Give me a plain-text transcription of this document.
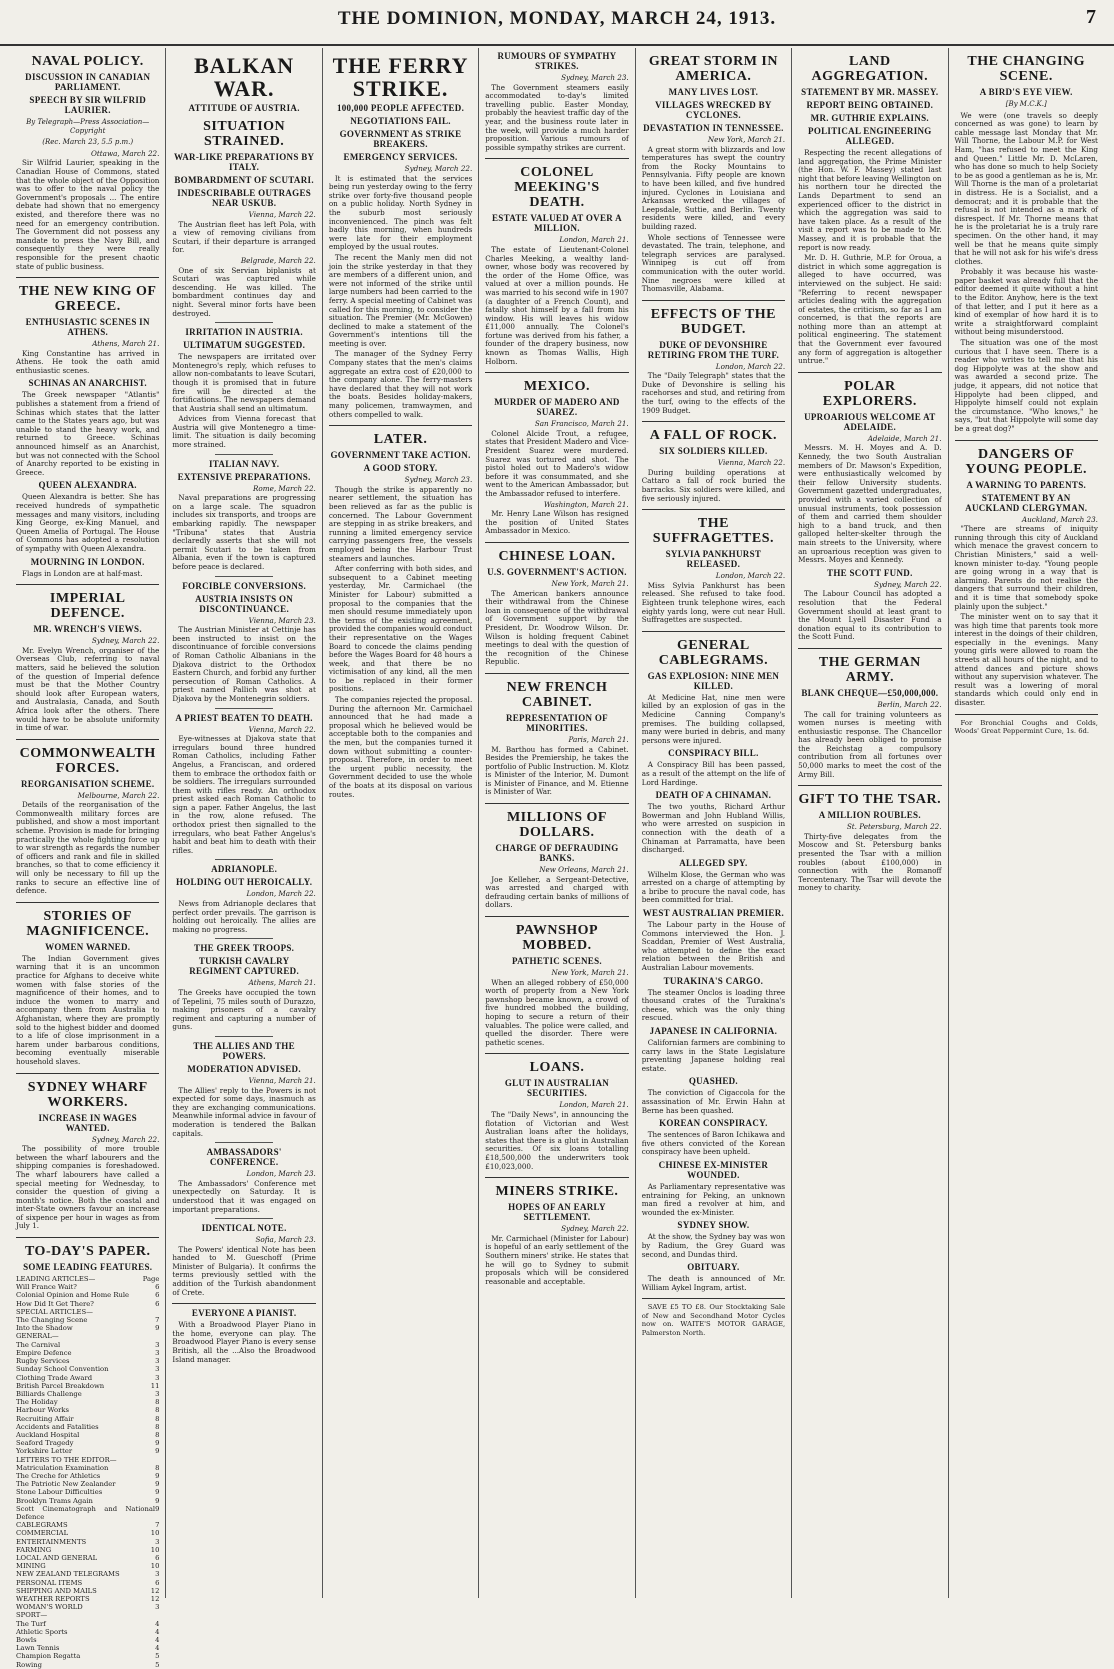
THE DOMINION, MONDAY, MARCH 24, 1913.	7
NAVAL POLICY.
DISCUSSION IN CANADIAN PARLIAMENT.
SPEECH BY SIR WILFRID LAURIER.
By Telegraph—Press Association—Copyright
(Rec. March 23, 5.5 p.m.)
Ottawa, March 22.

Sir Wilfrid Laurier, speaking in the Canadian House of Commons, stated that the whole object of the Opposition was to offer to the naval policy the Government's proposals ... The entire debate had shown that no emergency existed, and therefore there was no need for an emergency contribution. The Government did not possess any mandate to press the Navy Bill, and consequently they were really responsible for the present chaotic state of public business.

THE NEW KING OF GREECE.
ENTHUSIASTIC SCENES IN ATHENS.
Athens, March 21.

King Constantine has arrived in Athens. He took the oath amid enthusiastic scenes.

SCHINAS AN ANARCHIST.

The Greek newspaper "Atlantis" publishes a statement from a friend of Schinas which states that the latter came to the States years ago, but was unable to stand the heavy work, and returned to Greece. Schinas announced himself as an Anarchist, but was not connected with the School of Anarchy reported to be existing in Greece.

QUEEN ALEXANDRA.

Queen Alexandra is better. She has received hundreds of sympathetic messages and many visitors, including King George, ex-King Manuel, and Queen Amelia of Portugal. The House of Commons has adopted a resolution of sympathy with Queen Alexandra.

MOURNING IN LONDON.

Flags in London are at half-mast.

IMPERIAL DEFENCE.
MR. WRENCH'S VIEWS.
Sydney, March 22.

Mr. Evelyn Wrench, organiser of the Overseas Club, referring to naval matters, said he believed the solution of the question of Imperial defence must be that the Mother Country should look after European waters, and Australasia, Canada, and South Africa look after the others. There would have to be absolute uniformity in time of war.

COMMONWEALTH FORCES.
REORGANISATION SCHEME.
Melbourne, March 22.

Details of the reorganisation of the Commonwealth military forces are published, and show a most important scheme. Provision is made for bringing practically the whole fighting force up to war strength as regards the number of officers and rank and file in skilled branches, so that to come efficiency it will only be necessary to fill up the ranks to secure an effective line of defence.

STORIES OF MAGNIFICENCE.
WOMEN WARNED.

The Indian Government gives warning that it is an uncommon practice for Afghans to deceive white women with false stories of the magnificence of their homes, and to induce the women to marry and accompany them from Australia to Afghanistan, where they are promptly sold to the highest bidder and doomed to a life of close imprisonment in a harem under barbarous conditions, becoming eventually miserable household slaves.

SYDNEY WHARF WORKERS.
INCREASE IN WAGES WANTED.
Sydney, March 22.

The possibility of more trouble between the wharf labourers and the shipping companies is foreshadowed. The wharf labourers have called a special meeting for Wednesday, to consider the question of giving a month's notice. Both the coastal and inter-State owners favour an increase of sixpence per hour in wages as from July 1.

TO-DAY'S PAPER.
SOME LEADING FEATURES.
LEADING ARTICLES—	Page
Will France Wait?	6
Colonial Opinion and Home Rule	6
How Did It Get There?	6
SPECIAL ARTICLES—
The Changing Scene	7
Into the Shadow	9
GENERAL—
The Carnival	3
Empire Defence	3
Rugby Services	3
Sunday School Convention	3
Clothing Trade Award	3
British Parcel Breakdown	11
Billiards Challenge	3
The Holiday	8
Harbour Works	8
Recruiting Affair	8
Accidents and Fatalities	8
Auckland Hospital	8
Seaford Tragedy	9
Yorkshire Letter	9
LETTERS TO THE EDITOR—
Matriculation Examination	8
The Creche for Athletics	9
The Patriotic New Zealander	9
Stone Labour Difficulties	9
Brooklyn Trams Again	9
Scott Cinematograph and National Defence
9
CABLEGRAMS	7
COMMERCIAL	10
ENTERTAINMENTS	3
FARMING	10
LOCAL AND GENERAL	6
MINING	10
NEW ZEALAND TELEGRAMS	3
PERSONAL ITEMS	6
SHIPPING AND MAILS	12
WEATHER REPORTS	12
WOMAN'S WORLD	3
SPORT—
The Turf	4
Athletic Sports	4
Bowls	4
Lawn Tennis	4
Champion Regatta	5
Rowing	5
BALKAN WAR.
ATTITUDE OF AUSTRIA.
SITUATION STRAINED.
WAR-LIKE PREPARATIONS BY ITALY.
BOMBARDMENT OF SCUTARI.
INDESCRIBABLE OUTRAGES NEAR USKUB.
Vienna, March 22.

The Austrian fleet has left Pola, with a view of removing civilians from Scutari, if their departure is arranged for.

Belgrade, March 22.

One of six Servian biplanists at Scutari was captured while descending. He was killed. The bombardment continues day and night. Several minor forts have been destroyed.

IRRITATION IN AUSTRIA.
ULTIMATUM SUGGESTED.

The newspapers are irritated over Montenegro's reply, which refuses to allow non-combatants to leave Scutari, though it is promised that in future fire will be directed at the fortifications. The newspapers demand that Austria shall send an ultimatum.

Advices from Vienna forecast that Austria will give Montenegro a time-limit. The situation is daily becoming more strained.

ITALIAN NAVY.
EXTENSIVE PREPARATIONS.
Rome, March 22.

Naval preparations are progressing on a large scale. The squadron includes six transports, and troops are embarking rapidly. The newspaper "Tribuna" states that Austria declaredly asserts that she will not permit Scutari to be taken from Albania, even if the town is captured before peace is declared.

FORCIBLE CONVERSIONS.
AUSTRIA INSISTS ON DISCONTINUANCE.
Vienna, March 23.

The Austrian Minister at Cettinje has been instructed to insist on the discontinuance of forcible conversions of Roman Catholic Albanians in the Djakova district to the Orthodox Eastern Church, and forbid any further persecution of Roman Catholics. A priest named Pallich was shot at Djakova by the Montenegrin soldiers.

A PRIEST BEATEN TO DEATH.
Vienna, March 22.

Eye-witnesses at Djakova state that irregulars bound three hundred Roman Catholics, including Father Angelus, a Franciscan, and ordered them to embrace the orthodox faith or be soldiers. The irregulars surrounded them with rifles ready. An orthodox priest asked each Roman Catholic to sign a paper. Father Angelus, the last in the row, alone refused. The orthodox priest then signalled to the irregulars, who beat Father Angelus's habit and beat him to death with their rifles.

ADRIANOPLE.
HOLDING OUT HEROICALLY.
London, March 22.

News from Adrianople declares that perfect order prevails. The garrison is holding out heroically. The allies are making no progress.

THE GREEK TROOPS.
TURKISH CAVALRY REGIMENT CAPTURED.
Athens, March 21.

The Greeks have occupied the town of Tepelini, 75 miles south of Durazzo, making prisoners of a cavalry regiment and capturing a number of guns.

THE ALLIES AND THE POWERS.
MODERATION ADVISED.
Vienna, March 21.

The Allies' reply to the Powers is not expected for some days, inasmuch as they are exchanging communications. Meanwhile informal advice in favour of moderation is tendered the Balkan capitals.

AMBASSADORS' CONFERENCE.
London, March 23.

The Ambassadors' Conference met unexpectedly on Saturday. It is understood that it was engaged on important preparations.

IDENTICAL NOTE.
Sofia, March 23.

The Powers' identical Note has been handed to M. Gueschoff (Prime Minister of Bulgaria). It confirms the terms previously settled with the addition of the Turkish abandonment of Crete.

EVERYONE A PIANIST.

With a Broadwood Player Piano in the home, everyone can play. The Broadwood Player Piano is every sense British, all the ...Also the Broadwood Island manager.

THE FERRY STRIKE.
100,000 PEOPLE AFFECTED.
NEGOTIATIONS FAIL.
GOVERNMENT AS STRIKE BREAKERS.
EMERGENCY SERVICES.
Sydney, March 22.

It is estimated that the services being run yesterday owing to the ferry strike over forty-five thousand people on a public holiday. North Sydney in the suburb most seriously inconvenienced. The pinch was felt badly this morning, when hundreds were late for their employment employed by the usual routes.

The recent the Manly men did not join the strike yesterday in that they are members of a different union, and were not informed of the strike until large numbers had been carried to the ferry. A special meeting of Cabinet was called for this morning, to consider the situation. The Premier (Mr. McGowen) declined to make a statement of the Government's intentions till the meeting is over.

The manager of the Sydney Ferry Company states that the men's claims aggregate an extra cost of £20,000 to the company alone. The ferry-masters have declared that they will not work the boats. Besides holiday-makers, many policemen, tramwaymen, and others compelled to walk.

LATER.
GOVERNMENT TAKE ACTION.
A GOOD STORY.
Sydney, March 23.

Though the strike is apparently no nearer settlement, the situation has been relieved as far as the public is concerned. The Labour Government are stepping in as strike breakers, and running a limited emergency service carrying passengers free, the vessels employed being the Harbour Trust steamers and launches.

After conferring with both sides, and subsequent to a Cabinet meeting yesterday, Mr. Carmichael (the Minister for Labour) submitted a proposal to the companies that the men should resume immediately upon the terms of the existing agreement, provided the companies would conduct their representative on the Wages Board to concede the claims pending before the Wages Board for 48 hours a week, and that there be no victimisation of any kind, all the men to be replaced in their former positions.

The companies rejected the proposal. During the afternoon Mr. Carmichael announced that he had made a proposal which he believed would be acceptable both to the companies and the men, but the companies turned it down without submitting a counter-proposal. Therefore, in order to meet the urgent public necessity, the Government decided to use the whole of the boats at its disposal on various routes.

RUMOURS OF SYMPATHY STRIKES.
Sydney, March 23.

The Government steamers easily accommodated to-day's limited travelling public. Easter Monday, probably the heaviest traffic day of the year, and the business route later in the week, will provide a much harder proposition. Various rumours of possible sympathy strikes are current.

COLONEL MEEKING'S DEATH.
ESTATE VALUED AT OVER A MILLION.
London, March 21.

The estate of Lieutenant-Colonel Charles Meeking, a wealthy land-owner, whose body was recovered by the order of the Home Office, was valued at over a million pounds. He was married to his second wife in 1907 (a daughter of a French Count), and fatally shot himself by a fall from his window. His will leaves his widow £11,000 annually. The Colonel's fortune was derived from his father, a founder of the drapery business, now known as Thomas Wallis, High Holborn.

MEXICO.
MURDER OF MADERO AND SUAREZ.
San Francisco, March 21.

Colonel Alcide Trout, a refugee, states that President Madero and Vice-President Suarez were murdered. Suarez was tortured and shot. The pistol holed out to Madero's widow before it was consummated, and she went to the American Ambassador, but the Ambassador refused to interfere.

Washington, March 21.

Mr. Henry Lane Wilson has resigned the position of United States Ambassador in Mexico.

CHINESE LOAN.
U.S. GOVERNMENT'S ACTION.
New York, March 21.

The American bankers announce their withdrawal from the Chinese loan in consequence of the withdrawal of Government support by the President, Dr. Woodrow Wilson. Dr. Wilson is holding frequent Cabinet meetings to deal with the question of the recognition of the Chinese Republic.

NEW FRENCH CABINET.
REPRESENTATION OF MINORITIES.
Paris, March 21.

M. Barthou has formed a Cabinet. Besides the Premiership, he takes the portfolio of Public Instruction. M. Klotz is Minister of the Interior, M. Dumont is Minister of Finance, and M. Etienne is Minister of War.

MILLIONS OF DOLLARS.
CHARGE OF DEFRAUDING BANKS.
New Orleans, March 21.

Joe Kelleher, a Sergeant-Detective, was arrested and charged with defrauding certain banks of millions of dollars.

PAWNSHOP MOBBED.
PATHETIC SCENES.
New York, March 21.

When an alleged robbery of £50,000 worth of property from a New York pawnshop became known, a crowd of five hundred mobbed the building, hoping to secure a return of their valuables. The police were called, and quelled the disorder. There were pathetic scenes.

LOANS.
GLUT IN AUSTRALIAN SECURITIES.
London, March 21.

The "Daily News", in announcing the flotation of Victorian and West Australian loans after the holidays, states that there is a glut in Australian securities. Of six loans totalling £18,500,000 the underwriters took £10,023,000.

MINERS STRIKE.
HOPES OF AN EARLY SETTLEMENT.
Sydney, March 22.

Mr. Carmichael (Minister for Labour) is hopeful of an early settlement of the Southern miners' strike. He states that he will go to Sydney to submit proposals which will be considered reasonable and acceptable.

GREAT STORM IN AMERICA.
MANY LIVES LOST.
VILLAGES WRECKED BY CYCLONES.
DEVASTATION IN TENNESSEE.
New York, March 21.

A great storm with blizzards and low temperatures has swept the country from the Rocky Mountains to Pennsylvania. Fifty people are known to have been killed, and five hundred injured. Cyclones in Louisiana and Arkansas wrecked the villages of Leepsdale, Suttie, and Berlin. Twenty residents were killed, and every building razed.

Whole sections of Tennessee were devastated. The train, telephone, and telegraph services are paralysed. Winnipeg is cut off from communication with the outer world. Nine negroes were killed at Thomasville, Alabama.

EFFECTS OF THE BUDGET.
DUKE OF DEVONSHIRE RETIRING FROM THE TURF.
London, March 22.

The "Daily Telegraph" states that the Duke of Devonshire is selling his racehorses and stud, and retiring from the turf, owing to the effects of the 1909 Budget.

A FALL OF ROCK.
SIX SOLDIERS KILLED.
Vienna, March 22.

During building operations at Cattaro a fall of rock buried the barracks. Six soldiers were killed, and five seriously injured.

THE SUFFRAGETTES.
SYLVIA PANKHURST RELEASED.
London, March 22.

Miss Sylvia Pankhurst has been released. She refused to take food. Eighteen trunk telephone wires, each eighty yards long, were cut near Hull. Suffragettes are suspected.

GENERAL CABLEGRAMS.
GAS EXPLOSION: NINE MEN KILLED.

At Medicine Hat, nine men were killed by an explosion of gas in the Medicine Canning Company's premises. The building collapsed, many were buried in debris, and many persons were injured.

CONSPIRACY BILL.

A Conspiracy Bill has been passed, as a result of the attempt on the life of Lord Hardinge.

DEATH OF A CHINAMAN.

The two youths, Richard Arthur Bowerman and John Hubland Willis, who were arrested on suspicion in connection with the death of a Chinaman at Parramatta, have been discharged.

ALLEGED SPY.

Wilhelm Klose, the German who was arrested on a charge of attempting by a bribe to procure the naval code, has been committed for trial.

WEST AUSTRALIAN PREMIER.

The Labour party in the House of Commons interviewed the Hon. J. Scaddan, Premier of West Australia, who attempted to define the exact relation between the British and Australian Labour movements.

TURAKINA'S CARGO.

The steamer Onclos is loading three thousand crates of the Turakina's cheese, which was the only thing rescued.

JAPANESE IN CALIFORNIA.

Californian farmers are combining to carry laws in the State Legislature preventing Japanese holding real estate.

QUASHED.

The conviction of Cigaccola for the assassination of Mr. Erwin Hahn at Berne has been quashed.

KOREAN CONSPIRACY.

The sentences of Baron Ichikawa and five others convicted of the Korean conspiracy have been upheld.

CHINESE EX-MINISTER WOUNDED.

As Parliamentary representative was entraining for Peking, an unknown man fired a revolver at him, and wounded the ex-Minister.

SYDNEY SHOW.

At the show, the Sydney bay was won by Radium, the Grey Guard was second, and Dundas third.

OBITUARY.

The death is announced of Mr. William Aykel Ingram, artist.

SAVE £5 TO £8. Our Stocktaking Sale of New and Secondhand Motor Cycles now on. WAITE'S MOTOR GARAGE, Palmerston North.

LAND AGGREGATION.
STATEMENT BY MR. MASSEY.
REPORT BEING OBTAINED.
MR. GUTHRIE EXPLAINS.
POLITICAL ENGINEERING ALLEGED.

Respecting the recent allegations of land aggregation, the Prime Minister (the Hon. W. F. Massey) stated last night that before leaving Wellington on his northern tour he directed the Lands Department to send an experienced officer to the district in which the aggregation was said to have taken place. As a result of the visit a report was to be made to Mr. Massey, and it is probable that the report is now ready.

Mr. D. H. Guthrie, M.P. for Oroua, a district in which some aggregation is alleged to have occurred, was interviewed on the subject. He said: "Referring to recent newspaper articles dealing with the aggregation of estates, the criticism, so far as I am concerned, is that the reports are nothing more than an attempt at political engineering. The statement that the Government ever favoured any form of aggregation is altogether untrue."

POLAR EXPLORERS.
UPROARIOUS WELCOME AT ADELAIDE.
Adelaide, March 21.

Messrs. M. H. Moyes and A. D. Kennedy, the two South Australian members of Dr. Mawson's Expedition, were enthusiastically welcomed by their fellow University students. Government gazetted undergraduates, provided with a varied collection of unusual instruments, took possession of them and carried them shoulder high to a band truck, and then galloped helter-skelter through the main streets to the University, where an uproarious reception was given to Messrs. Moyes and Kennedy.

THE SCOTT FUND.
Sydney, March 22.

The Labour Council has adopted a resolution that the Federal Government should at least grant to the Mount Lyell Disaster Fund a donation equal to its contribution to the Scott Fund.

THE GERMAN ARMY.
BLANK CHEQUE—£50,000,000.
Berlin, March 22.

The call for training volunteers as women nurses is meeting with enthusiastic response. The Chancellor has already been obliged to promise the Reichstag a compulsory contribution from all fortunes over 50,000 marks to meet the cost of the Army Bill.

GIFT TO THE TSAR.
A MILLION ROUBLES.
St. Petersburg, March 22.

Thirty-five delegates from the Moscow and St. Petersburg banks presented the Tsar with a million roubles (about £100,000) in connection with the Romanoff Tercentenary. The Tsar will devote the money to charity.

THE CHANGING SCENE.
A BIRD'S EYE VIEW.
[By M.C.K.]

We were (one travels so deeply concerned as was gone) to learn by cable message last Monday that Mr. Will Thorne, the Labour M.P. for West Ham, "has refused to meet the King and Queen." Little Mr. D. McLaren, who has done so much to help Society to be as good a gentleman as he is, Mr. Will Thorne is the man of a proletariat in distress. He is a Socialist, and a democrat; and it is probable that the refusal is not intended as a mark of disrespect. If Mr. Thorne means that he is the proletariat he is a truly rare specimen. On the other hand, it may well be that he means quite simply that he will not ask for his wife's dress clothes.

Probably it was because his waste-paper basket was already full that the editor deemed it quite without a hint to the Editor. Anyhow, here is the text of that letter, and I put it here as a kind of exemplar of how hard it is to write a straightforward complaint without being misunderstood.

The situation was one of the most curious that I have seen. There is a reader who writes to tell me that his dog Hippolyte was at the show and was awarded a second prize. The judge, it appears, did not notice that Hippolyte had been clipped, and Hippolyte himself could not explain the circumstance. "Who knows," he says, "but that Hippolyte will some day be a great dog?"

DANGERS OF YOUNG PEOPLE.
A WARNING TO PARENTS.
STATEMENT BY AN AUCKLAND CLERGYMAN.
Auckland, March 23.

"There are streams of iniquity running through this city of Auckland which menace the gravest concern to Christian Ministers," said a well-known minister to-day. "Young people are going wrong in a way that is alarming. Parents do not realise the dangers that surround their children, and it is time that somebody spoke plainly upon the subject."

The minister went on to say that it was high time that parents took more interest in the doings of their children, especially in the evenings. Many young girls were allowed to roam the streets at all hours of the night, and to attend dances and picture shows without any supervision whatever. The result was a lowering of moral standards which could only end in disaster.

For Bronchial Coughs and Colds, Woods' Great Peppermint Cure, 1s. 6d.
